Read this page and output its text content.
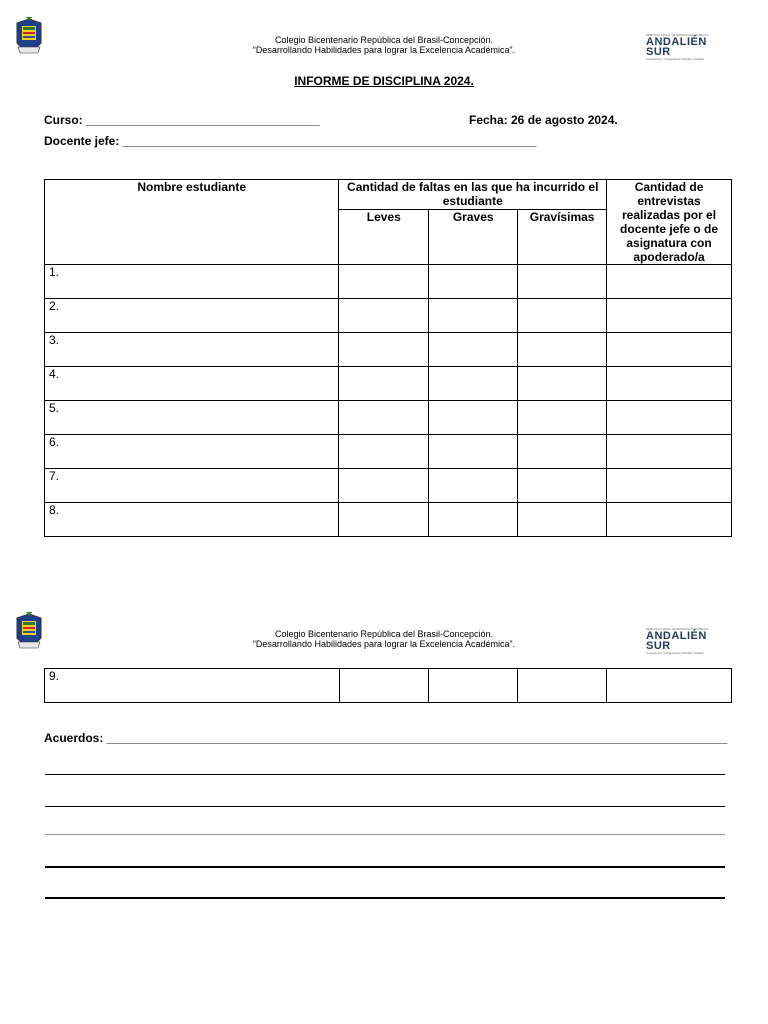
Colegio Bicentenario República del Brasil-Concepción.
“Desarrollando Habilidades para lograr la Excelencia Académica”.
SERVICIO LOCAL DE EDUCACIÓN PÚBLICA
ANDALIÉN
SUR
Concepción | Chiguayante Florida | Hualqui
INFORME DE DISCIPLINA 2024.
Curso: ___________________________________	Fecha: 26 de agosto 2024.
Docente jefe: ______________________________________________________________
Nombre estudiante	Cantidad de faltas en las que ha incurrido el estudiante			Cantidad de entrevistas realizadas por el docente jefe o de asignatura con apoderado/a
	Leves	Graves	Gravísimas	
1.				
2.				
3.				
4.				
5.				
6.				
7.				
8.				
Colegio Bicentenario República del Brasil-Concepción.
“Desarrollando Habilidades para lograr la Excelencia Académica”.
SERVICIO LOCAL DE EDUCACIÓN PÚBLICA
ANDALIÉN
SUR
Concepción | Chiguayante Florida | Hualqui
9.				
Acuerdos: _____________________________________________________________________________________________
